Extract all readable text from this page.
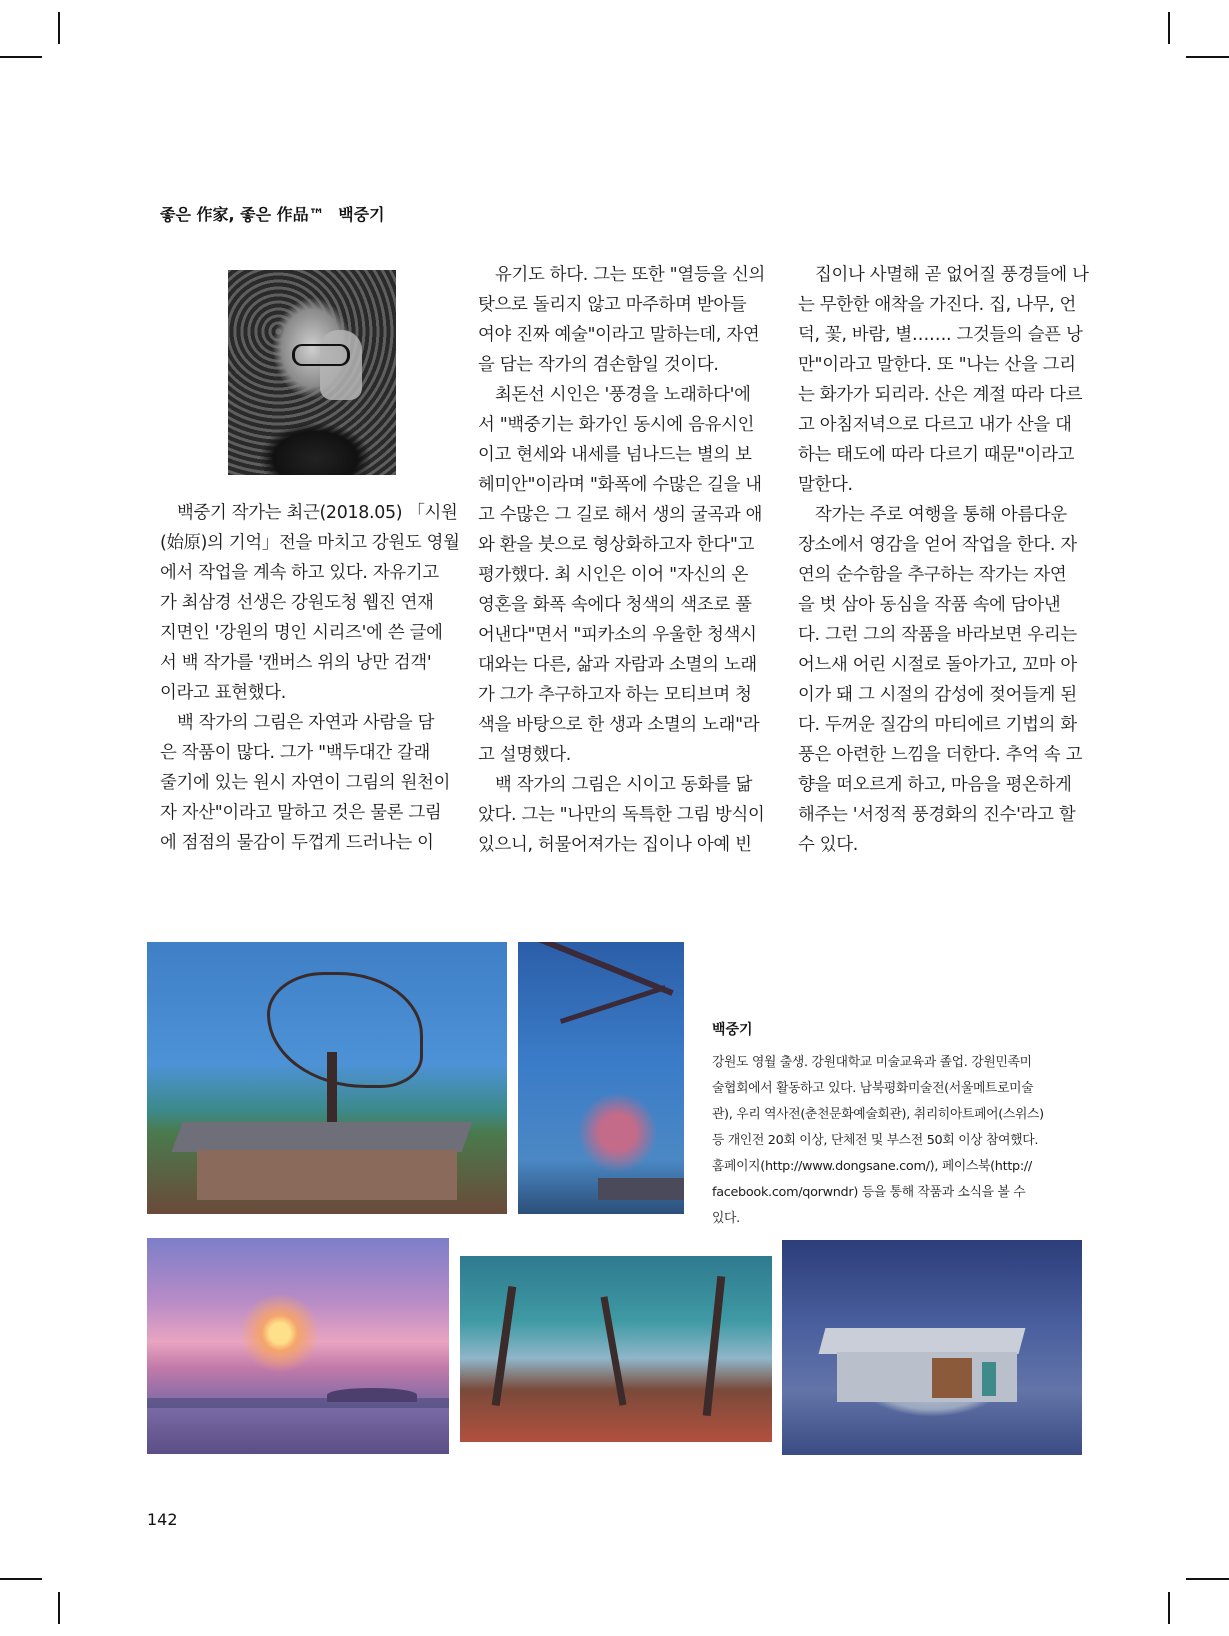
좋은 作家, 좋은 作品™ 백중기

백중기 작가는 최근(2018.05) 「시원
(始原)의 기억」전을 마치고 강원도 영월
에서 작업을 계속 하고 있다. 자유기고
가 최삼경 선생은 강원도청 웹진 연재
지면인 '강원의 명인 시리즈'에 쓴 글에
서 백 작가를 '캔버스 위의 낭만 검객'
이라고 표현했다.

백 작가의 그림은 자연과 사람을 담
은 작품이 많다. 그가 "백두대간 갈래
줄기에 있는 원시 자연이 그림의 원천이
자 자산"이라고 말하고 것은 물론 그림
에 점점의 물감이 두껍게 드러나는 이

유기도 하다. 그는 또한 "열등을 신의
탓으로 돌리지 않고 마주하며 받아들
여야 진짜 예술"이라고 말하는데, 자연
을 담는 작가의 겸손함일 것이다.

최돈선 시인은 '풍경을 노래하다'에
서 "백중기는 화가인 동시에 음유시인
이고 현세와 내세를 넘나드는 별의 보
헤미안"이라며 "화폭에 수많은 길을 내
고 수많은 그 길로 해서 생의 굴곡과 애
와 환을 붓으로 형상화하고자 한다"고
평가했다. 최 시인은 이어 "자신의 온
영혼을 화폭 속에다 청색의 색조로 풀
어낸다"면서 "피카소의 우울한 청색시
대와는 다른, 삶과 자람과 소멸의 노래
가 그가 추구하고자 하는 모티브며 청
색을 바탕으로 한 생과 소멸의 노래"라
고 설명했다.

백 작가의 그림은 시이고 동화를 닮
았다. 그는 "나만의 독특한 그림 방식이
있으니, 허물어져가는 집이나 아예 빈

집이나 사멸해 곧 없어질 풍경들에 나
는 무한한 애착을 가진다. 집, 나무, 언
덕, 꽃, 바람, 별……. 그것들의 슬픈 낭
만"이라고 말한다. 또 "나는 산을 그리
는 화가가 되리라. 산은 계절 따라 다르
고 아침저녁으로 다르고 내가 산을 대
하는 태도에 따라 다르기 때문"이라고
말한다.

작가는 주로 여행을 통해 아름다운
장소에서 영감을 얻어 작업을 한다. 자
연의 순수함을 추구하는 작가는 자연
을 벗 삼아 동심을 작품 속에 담아낸
다. 그런 그의 작품을 바라보면 우리는
어느새 어린 시절로 돌아가고, 꼬마 아
이가 돼 그 시절의 감성에 젖어들게 된
다. 두꺼운 질감의 마티에르 기법의 화
풍은 아련한 느낌을 더한다. 추억 속 고
향을 떠오르게 하고, 마음을 평온하게
해주는 '서정적 풍경화의 진수'라고 할
수 있다.

백중기
강원도 영월 출생. 강원대학교 미술교육과 졸업. 강원민족미
술협회에서 활동하고 있다. 남북평화미술전(서울메트로미술
관), 우리 역사전(춘천문화예술회관), 취리히아트페어(스위스)
등 개인전 20회 이상, 단체전 및 부스전 50회 이상 참여했다.
홈페이지(http://www.dongsane.com/), 페이스북(http://
facebook.com/qorwndr) 등을 통해 작품과 소식을 볼 수
있다.
142
